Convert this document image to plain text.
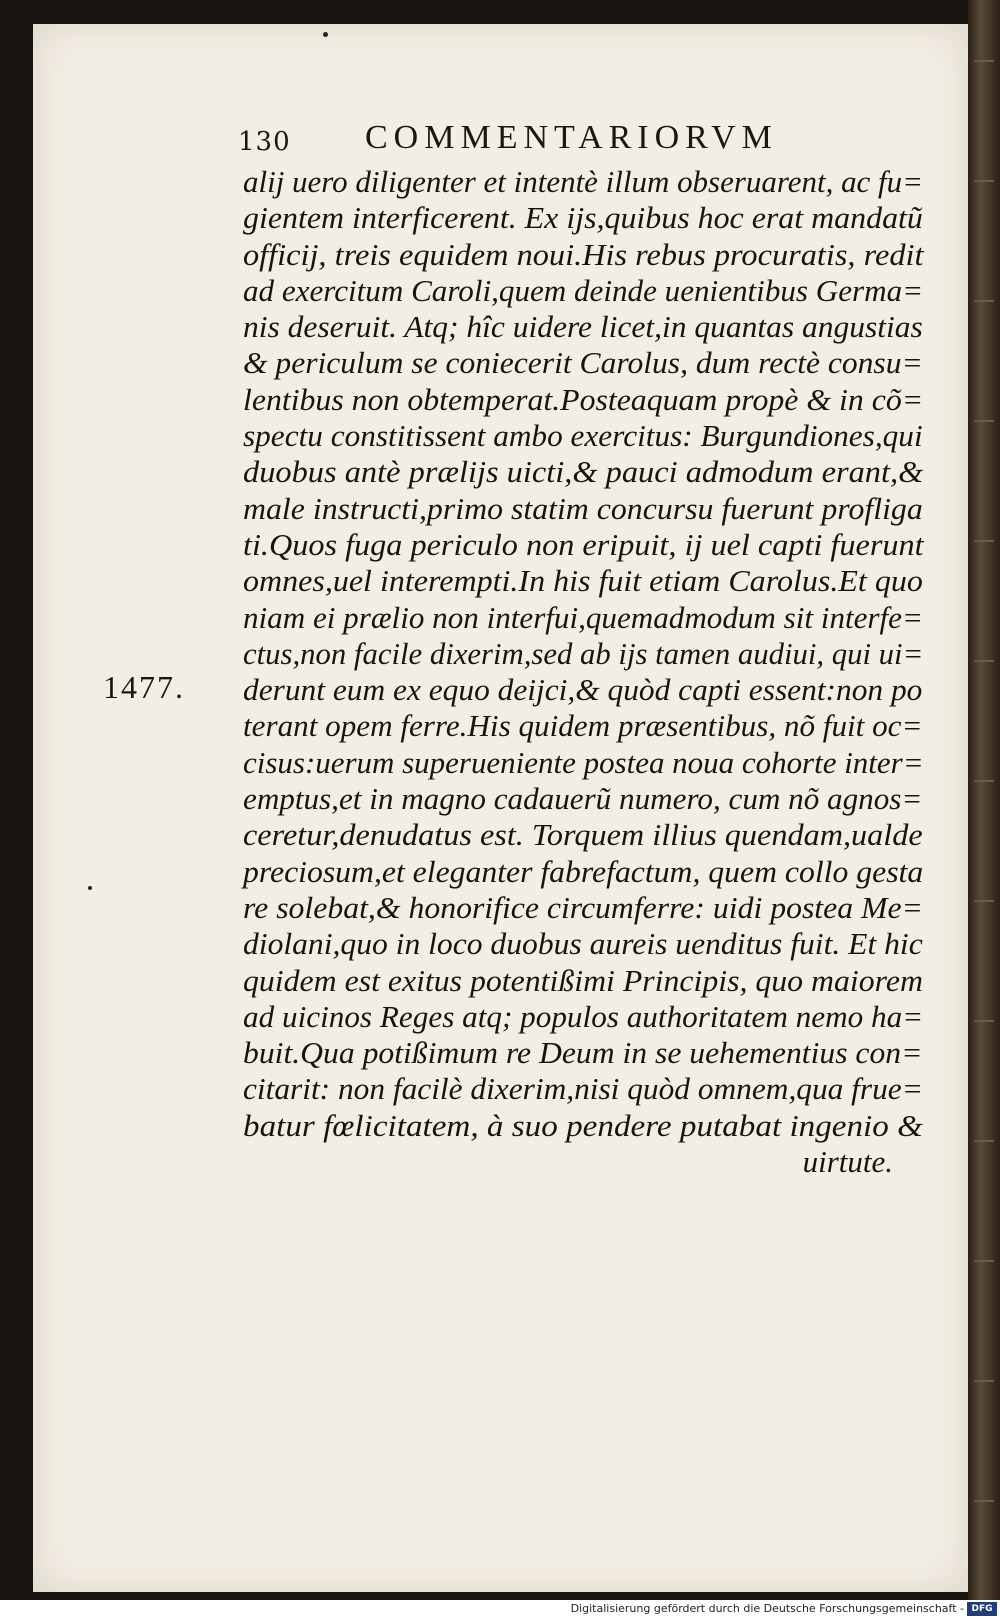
130 COMMENTARIORVM
1477.
alij uero diligenter et intentè illum obseruarent, ac fu=
gientem interficerent. Ex ijs,quibus hoc erat mandatũ
officij, treis equidem noui.His rebus procuratis, redit
ad exercitum Caroli,quem deinde uenientibus Germa=
nis deseruit. Atq; hîc uidere licet,in quantas angustias
& periculum se coniecerit Carolus, dum rectè consu=
lentibus non obtemperat.Posteaquam propè & in cõ=
spectu constitissent ambo exercitus: Burgundiones,qui
duobus antè prælijs uicti,& pauci admodum erant,&
male instructi,primo statim concursu fuerunt profliga
ti.Quos fuga periculo non eripuit, ij uel capti fuerunt
omnes,uel interempti.In his fuit etiam Carolus.Et quo
niam ei prælio non interfui,quemadmodum sit interfe=
ctus,non facile dixerim,sed ab ijs tamen audiui, qui ui=
derunt eum ex equo deijci,& quòd capti essent:non po
terant opem ferre.His quidem præsentibus, nõ fuit oc=
cisus:uerum superueniente postea noua cohorte inter=
emptus,et in magno cadauerũ numero, cum nõ agnos=
ceretur,denudatus est. Torquem illius quendam,ualde
preciosum,et eleganter fabrefactum, quem collo gesta
re solebat,& honorifice circumferre: uidi postea Me=
diolani,quo in loco duobus aureis uenditus fuit. Et hic
quidem est exitus potentißimi Principis, quo maiorem
ad uicinos Reges atq; populos authoritatem nemo ha=
buit.Qua potißimum re Deum in se uehementius con=
citarit: non facilè dixerim,nisi quòd omnem,qua frue=
batur fœlicitatem, à suo pendere putabat ingenio &
uirtute.
Digitalisierung gefördert durch die Deutsche Forschungsgemeinschaft - DFG
